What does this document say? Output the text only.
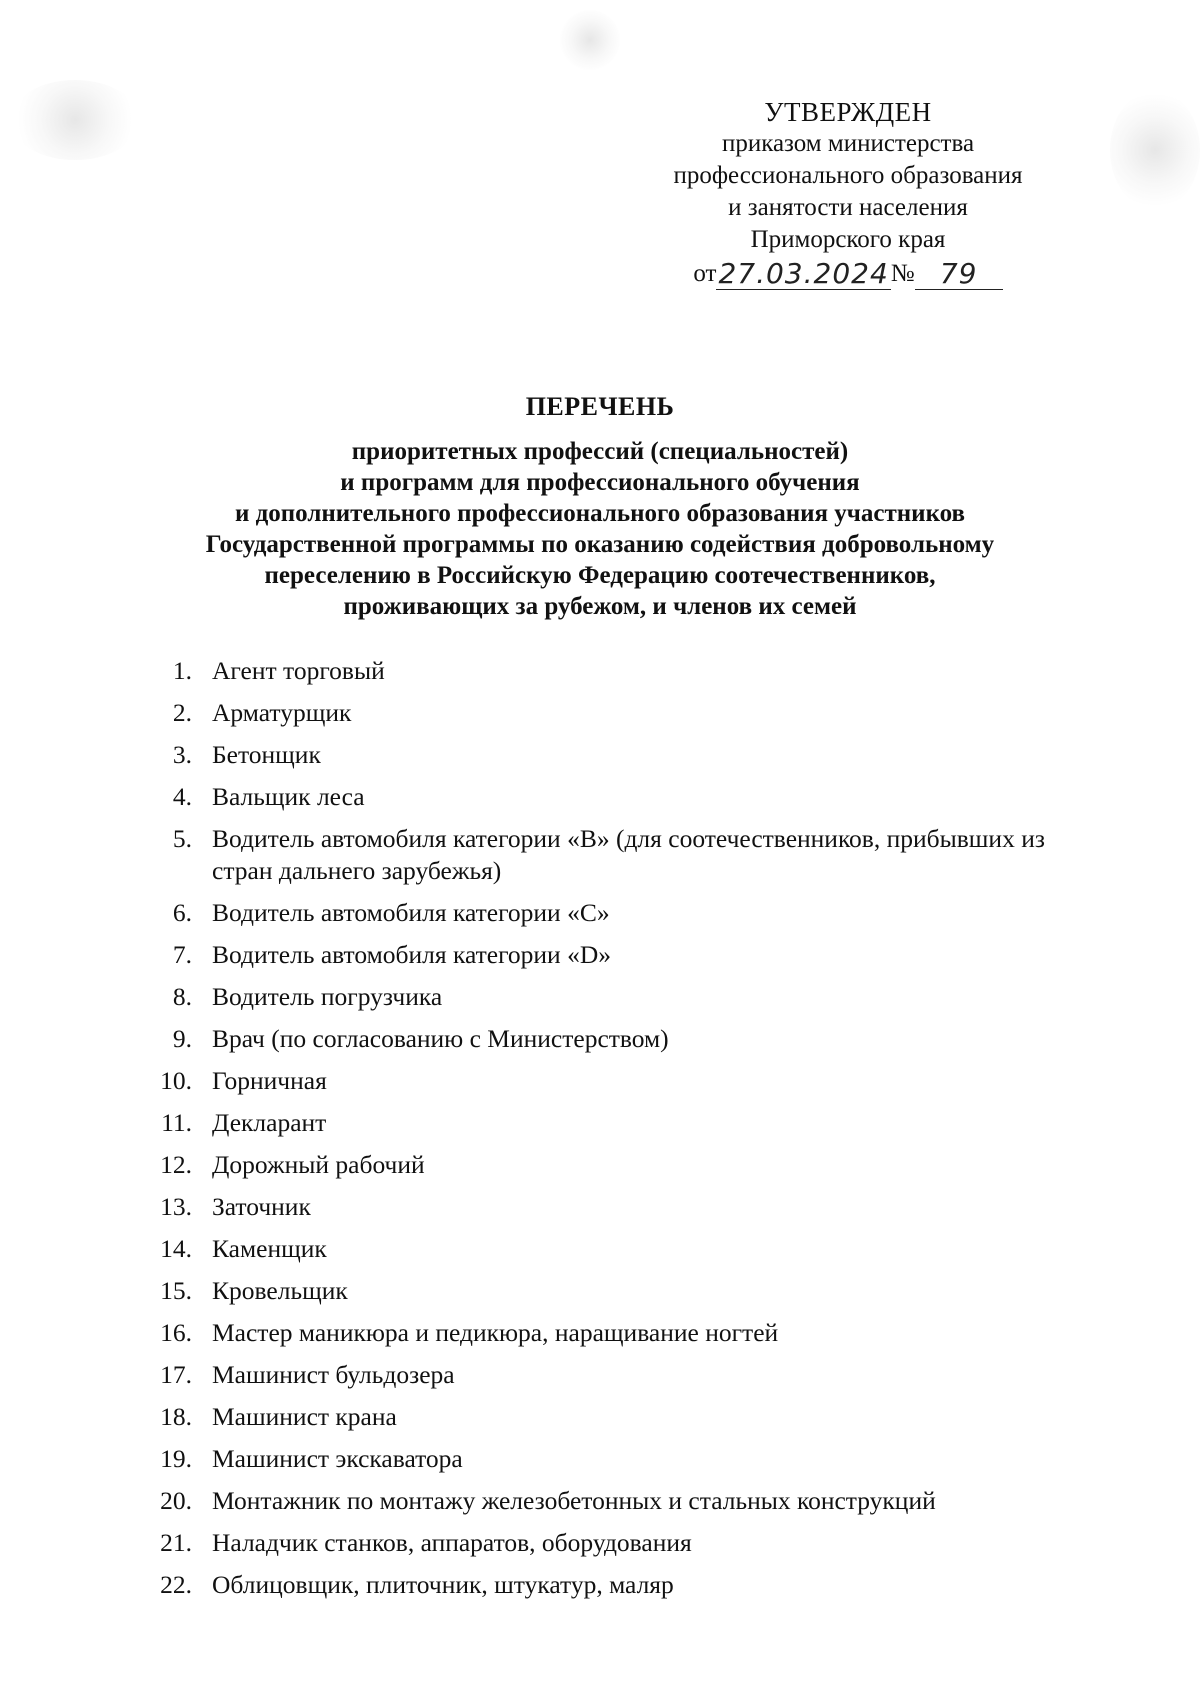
УТВЕРЖДЕН
приказом министерства
профессионального образования
и занятости населения
Приморского края
от 27.03.2024 № 79
ПЕРЕЧЕНЬ
приоритетных профессий (специальностей)
и программ для профессионального обучения
и дополнительного профессионального образования участников
Государственной программы по оказанию содействия добровольному
переселению в Российскую Федерацию соотечественников,
проживающих за рубежом, и членов их семей
1. Агент торговый
2. Арматурщик
3. Бетонщик
4. Вальщик леса
5. Водитель автомобиля категории «B» (для соотечественников, прибывших из стран дальнего зарубежья)
6. Водитель автомобиля категории «С»
7. Водитель автомобиля категории «D»
8. Водитель погрузчика
9. Врач (по согласованию с Министерством)
10. Горничная
11. Декларант
12. Дорожный рабочий
13. Заточник
14. Каменщик
15. Кровельщик
16. Мастер маникюра и педикюра, наращивание ногтей
17. Машинист бульдозера
18. Машинист крана
19. Машинист экскаватора
20. Монтажник по монтажу железобетонных и стальных конструкций
21. Наладчик станков, аппаратов, оборудования
22. Облицовщик, плиточник, штукатур, маляр
